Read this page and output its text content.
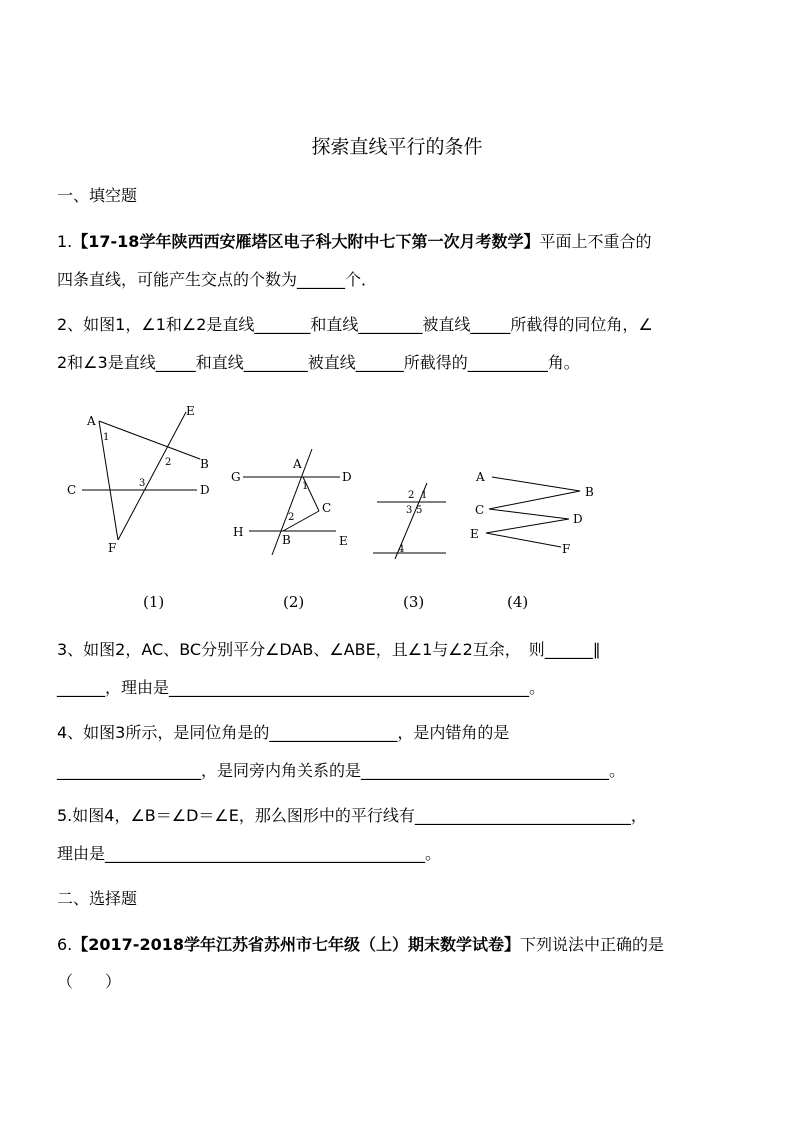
探索直线平行的条件
一、填空题
1.【17-18学年陕西西安雁塔区电子科大附中七下第一次月考数学】平面上不重合的
四条直线，可能产生交点的个数为______个．
2、如图1，∠1和∠2是直线_______和直线________被直线_____所截得的同位角，∠
2和∠3是直线_____和直线________被直线______所截得的__________角。
A
E
B
C	D
F
1
2
3	G
A
D
C
H
B	E
1
2
2 1
3 5
4
A
B
C
D
E
F
(1)	(2)	(3)	(4)
3、如图2，AC、BC分别平分∠DAB、∠ABE，且∠1与∠2互余，　则______∥
______，理由是_____________________________________________。
4、如图3所示，是同位角是的________________，是内错角的是
__________________，是同旁内角关系的是_______________________________。
5.如图4，∠B＝∠D＝∠E，那么图形中的平行线有___________________________，
理由是________________________________________。
二、选择题
6.【2017-2018学年江苏省苏州市七年级（上）期末数学试卷】下列说法中正确的是
（　　）
